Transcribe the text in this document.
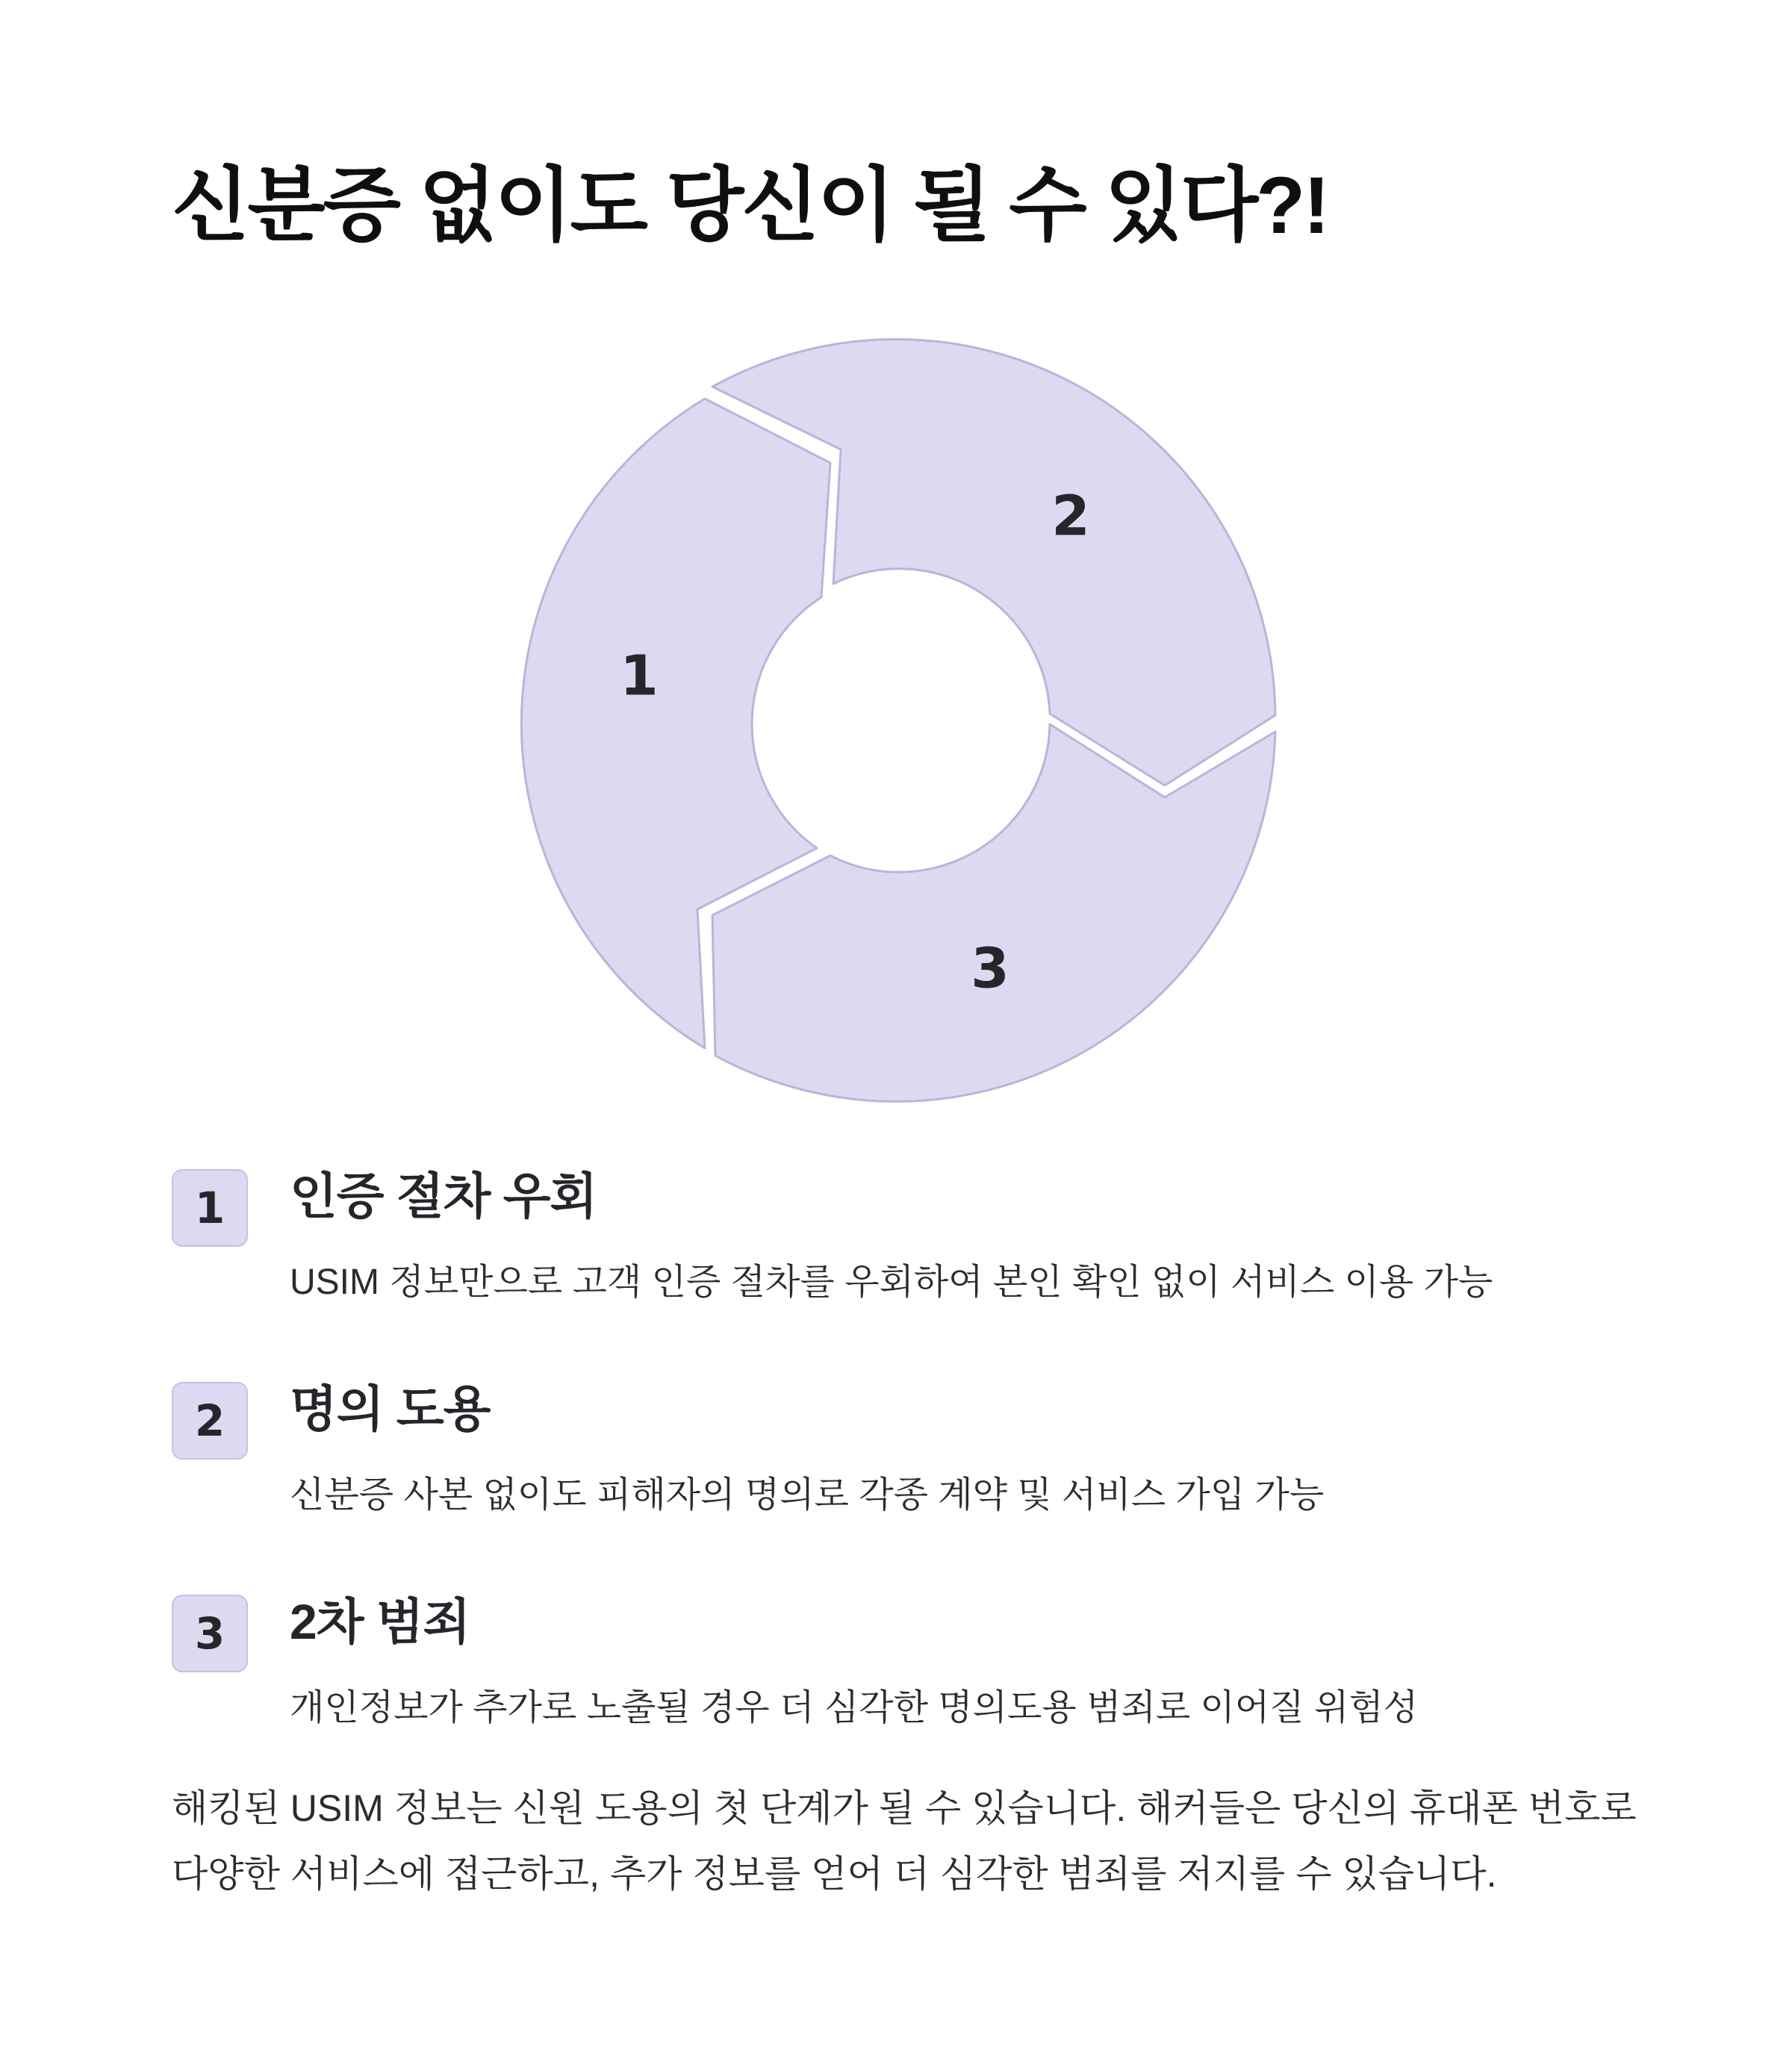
신분증 없이도 당신이 될 수 있다?!
1
2
3
1	인증 절차 우회

USIM 정보만으로 고객 인증 절차를 우회하여 본인 확인 없이 서비스 이용 가능

2	명의 도용

신분증 사본 없이도 피해자의 명의로 각종 계약 및 서비스 가입 가능

3	2차 범죄

개인정보가 추가로 노출될 경우 더 심각한 명의도용 범죄로 이어질 위험성

해킹된 USIM 정보는 신원 도용의 첫 단계가 될 수 있습니다. 해커들은 당신의 휴대폰 번호로 다양한 서비스에 접근하고, 추가 정보를 얻어 더 심각한 범죄를 저지를 수 있습니다.
